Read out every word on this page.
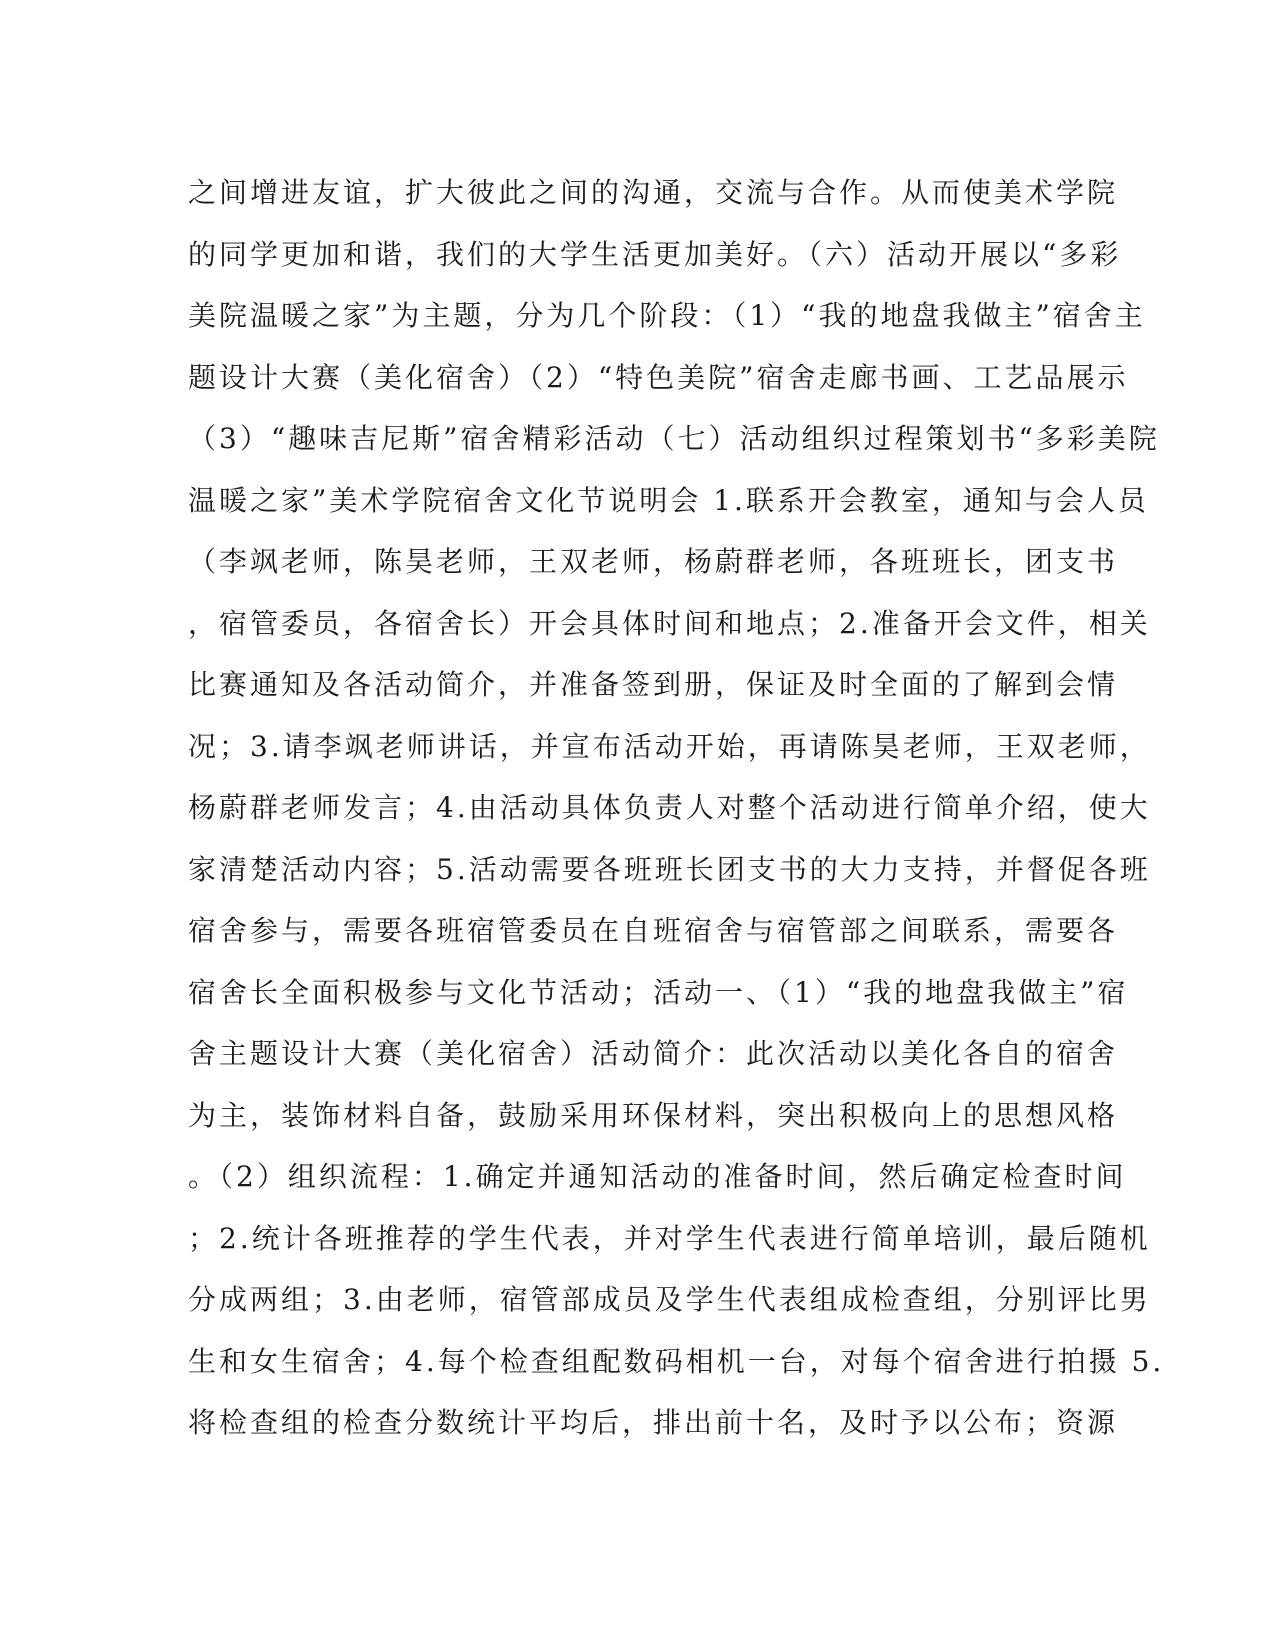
之间增进友谊，扩大彼此之间的沟通，交流与合作。从而使美术学院
的同学更加和谐，我们的大学生活更加美好。（六）活动开展以“多彩
美院温暖之家”为主题，分为几个阶段：（1）“我的地盘我做主”宿舍主
题设计大赛（美化宿舍）（2）“特色美院”宿舍走廊书画、工艺品展示
（3）“趣味吉尼斯”宿舍精彩活动（七）活动组织过程策划书“多彩美院
温暖之家”美术学院宿舍文化节说明会 1.联系开会教室，通知与会人员
（李飒老师，陈昊老师，王双老师，杨蔚群老师，各班班长，团支书
，宿管委员，各宿舍长）开会具体时间和地点；2.准备开会文件，相关
比赛通知及各活动简介，并准备签到册，保证及时全面的了解到会情
况；3.请李飒老师讲话，并宣布活动开始，再请陈昊老师，王双老师，
杨蔚群老师发言；4.由活动具体负责人对整个活动进行简单介绍，使大
家清楚活动内容；5.活动需要各班班长团支书的大力支持，并督促各班
宿舍参与，需要各班宿管委员在自班宿舍与宿管部之间联系，需要各
宿舍长全面积极参与文化节活动；活动一、（1）“我的地盘我做主”宿
舍主题设计大赛（美化宿舍）活动简介：此次活动以美化各自的宿舍
为主，装饰材料自备，鼓励采用环保材料，突出积极向上的思想风格
。（2）组织流程：1.确定并通知活动的准备时间，然后确定检查时间
；2.统计各班推荐的学生代表，并对学生代表进行简单培训，最后随机
分成两组；3.由老师，宿管部成员及学生代表组成检查组，分别评比男
生和女生宿舍；4.每个检查组配数码相机一台，对每个宿舍进行拍摄 5.
将检查组的检查分数统计平均后，排出前十名，及时予以公布；资源
